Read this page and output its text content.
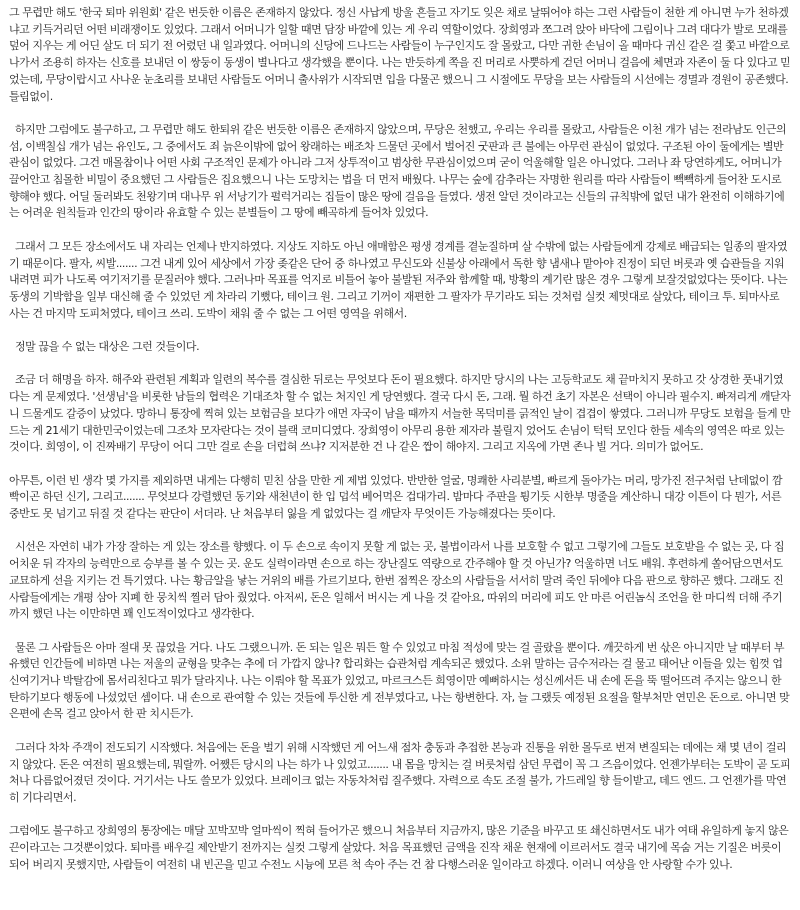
그 무렵만 해도 '한국 퇴마 위원회' 같은 번듯한 이름은 존재하지 않았다. 정신 사납게 방울 흔들고 자기도 잊은 채로 날뛰어야 하는 그런 사람들이 천한 게 아니면 누가 천하겠냐고 키득거리던 어떤 비래쟁이도 있었다. 그래서 어머니가 일할 때면 담장 바깥에 있는 게 우리 역할이었다. 장희영과 쪼그려 앉아 바닥에 그림이나 그려 대다가 발로 모래를 덮어 지우는 게 어딘 살도 더 되기 전 어렸던 내 일과였다. 어머니의 신당에 드나드는 사람들이 누구인지도 잘 몰랐고, 다만 귀한 손님이 올 때마다 귀신 같은 걸 쫓고 바깥으로 나가서 조용히 하자는 신호를 보내던 이 쌍둥이 동생이 별나다고 생각했을 뿐이다. 나는 반듯하게 쪽을 진 머리로 사뿟하게 걷던 어머니 걸음에 체면과 자존이 둘 다 있다고 믿었는데, 무당이랍시고 사나운 눈초리를 보내던 사람들도 어머니 출사위가 시작되면 입을 다물곤 했으니 그 시절에도 무당을 보는 사람들의 시선에는 경멸과 경원이 공존했다. 틀림없이.

하지만 그럼에도 불구하고, 그 무렵만 해도 한퇴위 같은 번듯한 이름은 존재하지 않았으며, 무당은 천했고, 우리는 우리를 몰랐고, 사람들은 이천 개가 넘는 전라남도 인근의 섬, 이백칠십 개가 넘는 유인도, 그 중에서도 죄 늙은이밖에 없어 왕래하는 배조차 드물던 곳에서 벌어진 굿판과 큰 불에는 아무런 관심이 없었다. 구조된 아이 둘에게는 별반 관심이 없었다. 그건 매몰참이나 어떤 사회 구조적인 문제가 아니라 그저 상투적이고 범상한 무관심이었으며 굳이 억울해할 일은 아니었다. 그러나 좌 당연하게도, 어머니가 끌어안고 침몰한 비밀이 중요했던 그 사람들은 집요했으니 나는 도망치는 법을 더 먼저 배웠다. 나무는 숲에 감추라는 자명한 원리를 따라 사람들이 빽빽하게 들어찬 도시로 향해야 했다. 어딜 둘러봐도 천왕기며 대나무 위 서낭기가 펄럭거리는 집들이 많은 땅에 걸음을 들였다. 생전 알던 것이라고는 신들의 규칙밖에 없던 내가 완전히 이해하기에는 어려운 원칙들과 인간의 땅이라 유효할 수 있는 분별들이 그 땅에 빼곡하게 들어차 있었다.

그래서 그 모든 장소에서도 내 자리는 언제나 반지하였다. 지상도 지하도 아닌 애매함은 평생 경계를 곁눈질하며 살 수밖에 없는 사람들에게 강제로 배급되는 일종의 팔자였기 때문이다. 팔자, 씨발....... 그건 내게 있어 세상에서 가장 좆같은 단어 중 하나였고 무신도와 신불상 아래에서 독한 향 냄새나 맡아야 진정이 되던 버릇과 옛 습관들을 지워내려면 피가 나도록 여기저기를 문질러야 했다. 그러나마 목표를 억지로 비틀어 놓아 불발된 저주와 함께할 때, 방황의 계기란 많은 경우 그렇게 보잘것없었다는 뜻이다. 나는 동생의 기박함을 일부 대신해 줄 수 있었던 게 차라리 기뻤다, 테이크 원. 그리고 기꺼이 재편한 그 팔자가 무기라도 되는 것처럼 실컷 제멋대로 살았다, 테이크 투. 퇴마사로 사는 건 마지막 도피처였다, 테이크 쓰리. 도박이 채워 줄 수 없는 그 어떤 영역을 위해서.

정말 끊을 수 없는 대상은 그런 것들이다.

조금 더 해명을 하자. 해주와 관련된 계획과 일련의 복수를 결심한 뒤로는 무엇보다 돈이 필요했다. 하지만 당시의 나는 고등학교도 채 끝마치지 못하고 갓 상경한 풋내기였다는 게 문제였다. '선생님'을 비롯한 남들의 협력은 기대조차 할 수 없는 처지인 게 당연했다. 결국 다시 돈, 그래. 뭘 하건 초기 자본은 선택이 아니라 필수지. 빠져리게 깨닫자니 드물게도 갈증이 났었다. 망하니 통장에 찍혀 있는 보험금을 보다가 애먼 자국이 남을 때까지 서늘한 목덕미를 긁적인 날이 겹겹이 쌓였다. 그러니까 무당도 보험을 들게 만드는 게 21세기 대한민국이었는데 그조차 모자란다는 것이 블랙 코미디였다. 장희영이 아무리 용한 제자라 불릴지 었어도 손님이 턱턱 모인다 한들 세속의 영역은 따로 있는 것이다. 희영이, 이 진짜배기 무당이 어디 그만 걸로 손을 더럽혀 쓰냐? 지저분한 건 나 같은 짭이 해야지. 그리고 지옥에 가면 존나 빌 거다. 의미가 없어도.

아무튼, 이런 빈 생각 몇 가지를 제외하면 내게는 다행히 믿친 삼을 만한 게 제법 있었다. 반반한 얼굴, 명쾌한 사리분별, 빠르게 돌아가는 머리, 망가진 전구처럼 난데없이 깜빡이곤 하던 신기, 그리고....... 무엇보다 강렬했던 동기와 새천년이 한 입 덥석 베어먹은 겁대가리. 밤마다 주판을 튕기듯 시한부 명줄을 계산하니 대강 이튼이 다 뭔가, 서른 중반도 못 넘기고 뒤질 것 같다는 판단이 서더라. 난 처음부터 잃을 게 없었다는 걸 깨닫자 무엇이든 가능해졌다는 뜻이다.

시선은 자연히 내가 가장 잘하는 게 있는 장소를 향했다. 이 두 손으로 속이지 못할 게 없는 곳, 불법이라서 나를 보호할 수 없고 그렇기에 그들도 보호받을 수 없는 곳, 다 집어치운 뒤 각자의 능력만으로 승부를 볼 수 있는 곳. 운도 실력이라면 손으로 하는 장난질도 역량으로 간주해야 할 것 아닌가? 억울하면 너도 배워. 후련하게 쏠어담으면서도 교묘하게 선을 지키는 건 특기였다. 나는 황금알을 낳는 거위의 배를 가르기보다, 한번 점찍은 장소의 사람들을 서서히 말려 죽인 뒤에야 다음 판으로 향하곤 했다. 그래도 진 사람들에게는 개평 삼아 지폐 한 뭉치씩 찔러 담아 줬었다. 아저씨, 돈은 일해서 버시는 게 나을 것 같아요, 따위의 머리에 피도 안 마른 어린놈식 조언을 한 마디씩 더해 주기까지 했던 나는 이만하면 꽤 인도적이었다고 생각한다.

물론 그 사람들은 아마 절대 못 끊었을 거다. 나도 그랬으니까. 돈 되는 일은 뭐든 할 수 있었고 마침 적성에 맞는 걸 골랐을 뿐이다. 깨끗하게 번 삯은 아니지만 날 때부터 부유했던 인간들에 비하면 나는 저울의 균형을 맞추는 추에 더 가깝지 않나? 합리화는 습관처럼 계속되곤 했었다. 소위 말하는 금수저라는 걸 물고 태어난 이들을 있는 힘껏 업신여기거나 박탈감에 몸서리친다고 뭐가 달라지나. 나는 이뤄야 할 목표가 있었고, 마르크스든 희영이만 예뻐하시는 성신께서든 내 손에 돈을 뚝 떨어뜨려 주지는 않으니 한탄하기보다 행동에 나섰었던 셈이다. 내 손으로 관여할 수 있는 것들에 투신한 게 전부였다고, 나는 항변한다. 자, 늘 그랬듯 예정된 요절을 할부처만 연민은 돈으로. 아니면 맞은편에 손목 걸고 앉아서 한 판 치시든가.

그러다 차차 주객이 전도되기 시작했다. 처음에는 돈을 벌기 위해 시작했던 게 어느새 점차 충동과 추접한 본능과 진통을 위한 몰두로 번져 변질되는 데에는 채 몇 년이 걸리지 않았다. 돈은 여전히 필요했는데, 뭐랄까. 어쨌든 당시의 나는 하가 나 있었고....... 내 몸을 망치는 걸 버릇처럼 삼던 무렵이 꼭 그 즈음이었다. 언젠가부터는 도박이 곧 도피처나 다름없어졌던 것이다. 거기서는 나도 쓸모가 있었다. 브레이크 없는 자동차처럼 질주했다. 자력으로 속도 조절 불가, 가드레일 향 들이받고, 데드 엔드. 그 언젠가를 막연히 기다리면서.

그럼에도 불구하고 장희영의 통장에는 매달 꼬박꼬박 얼마씩이 찍혀 들어가곤 했으니 처음부터 지금까지, 많은 기준을 바꾸고 또 쇄신하면서도 내가 여태 유일하게 놓지 않은 끈이라고는 그것뿐이었다. 퇴마를 배우길 제안받기 전까지는 실컷 그렇게 살았다. 처음 목표했던 금액을 진작 채운 현재에 이르러서도 결국 내기에 목숨 거는 기질은 버릇이 되어 버리지 못했지만, 사람들이 여전히 내 빈곤을 믿고 수전노 시늉에 모른 척 속아 주는 건 참 다행스러운 일이라고 하겠다. 이러니 여상을 안 사랑할 수가 있나.
